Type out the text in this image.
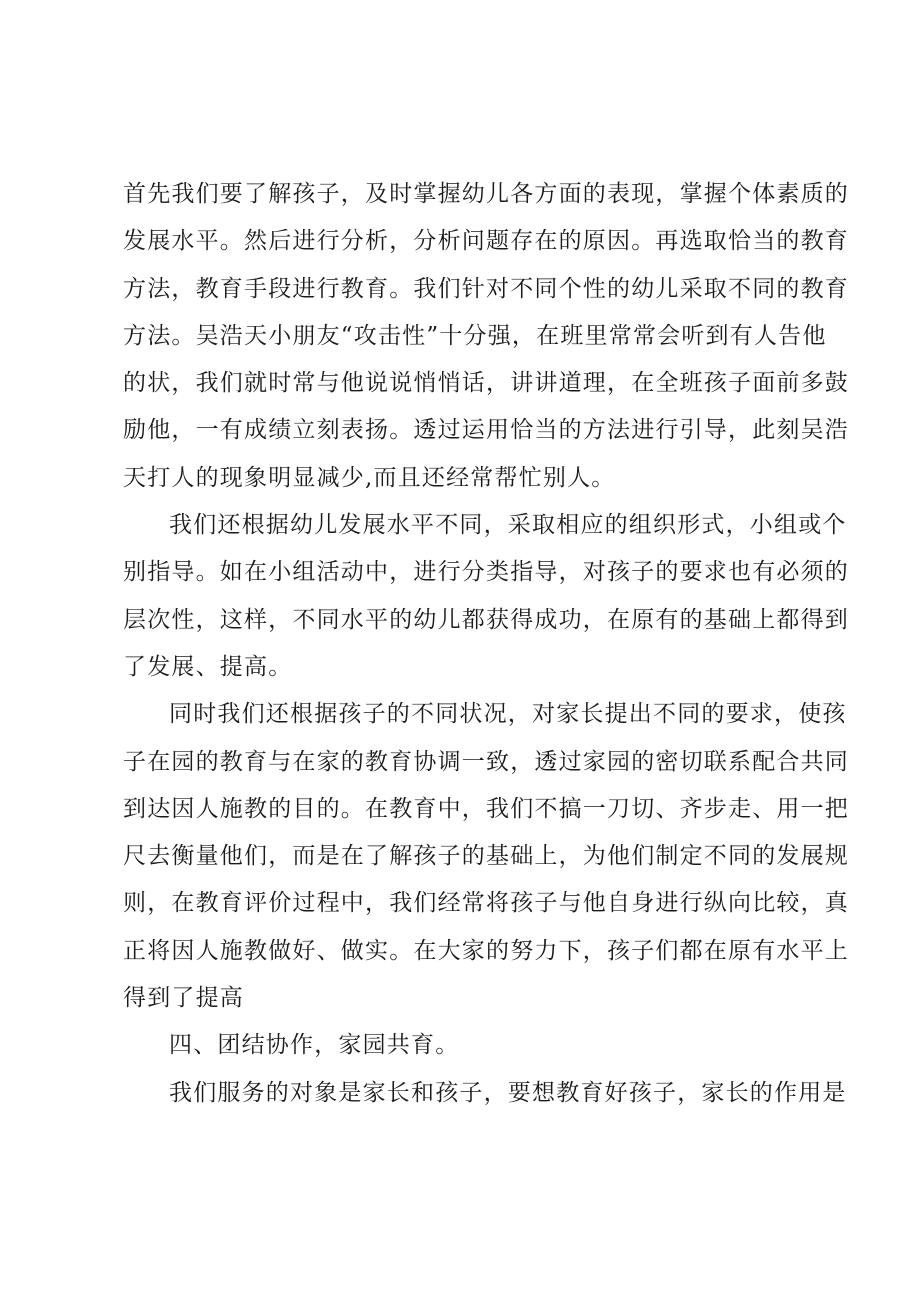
首先我们要了解孩子，及时掌握幼儿各方面的表现，掌握个体素质的
发展水平。然后进行分析，分析问题存在的原因。再选取恰当的教育
方法，教育手段进行教育。我们针对不同个性的幼儿采取不同的教育
方法。吴浩天小朋友“攻击性”十分强，在班里常常会听到有人告他
的状，我们就时常与他说说悄悄话，讲讲道理，在全班孩子面前多鼓
励他，一有成绩立刻表扬。透过运用恰当的方法进行引导，此刻吴浩
天打人的现象明显减少,而且还经常帮忙别人。
我们还根据幼儿发展水平不同，采取相应的组织形式，小组或个
别指导。如在小组活动中，进行分类指导，对孩子的要求也有必须的
层次性，这样，不同水平的幼儿都获得成功，在原有的基础上都得到
了发展、提高。
同时我们还根据孩子的不同状况，对家长提出不同的要求，使孩
子在园的教育与在家的教育协调一致，透过家园的密切联系配合共同
到达因人施教的目的。在教育中，我们不搞一刀切、齐步走、用一把
尺去衡量他们，而是在了解孩子的基础上，为他们制定不同的发展规
则，在教育评价过程中，我们经常将孩子与他自身进行纵向比较，真
正将因人施教做好、做实。在大家的努力下，孩子们都在原有水平上
得到了提高
四、团结协作，家园共育。
我们服务的对象是家长和孩子，要想教育好孩子，家长的作用是
